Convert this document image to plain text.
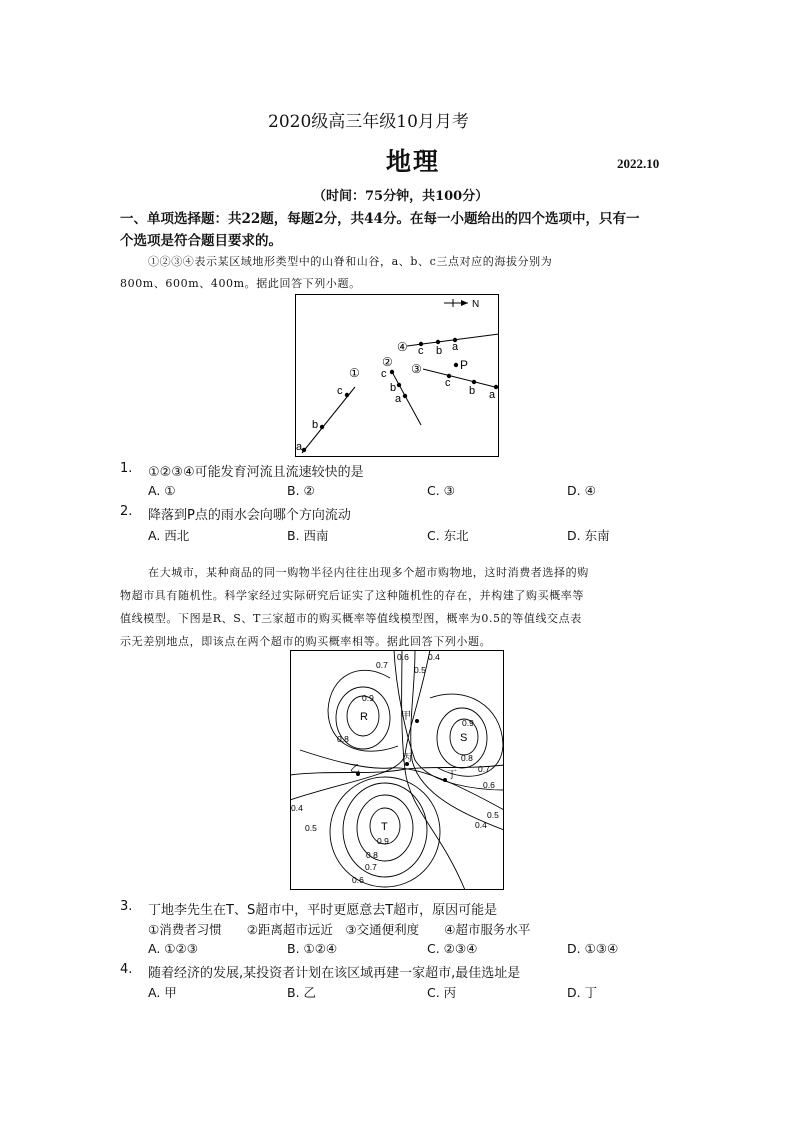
2020级高三年级10月月考
地理	2022.10
（时间：75分钟，共100分）
一、单项选择题：共22题，每题2分，共44分。在每一小题给出的四个选项中，只有一
个选项是符合题目要求的。
①②③④表示某区域地形类型中的山脊和山谷，a、b、c三点对应的海拔分别为
800m、600m、400m。据此回答下列小题。
N
a
b
c
① c
b
a
②
c
b a
③	P
c b a
④
1. ①②③④可能发育河流且流速较快的是
A. ①	B. ②	C. ③	D. ④
2. 降落到P点的雨水会向哪个方向流动
A. 西北	B. 西南	C. 东北	D. 东南
在大城市，某种商品的同一购物半径内往往出现多个超市购物地，这时消费者选择的购
物超市具有随机性。科学家经过实际研究后证实了这种随机性的存在，并构建了购买概率等
值线模型。下图是R、S、T三家超市的购买概率等值线模型图，概率为0.5的等值线交点表
示无差别地点，即该点在两个超市的购买概率相等。据此回答下列小题。
0.7
0.6
0.5
0.4
0.9
0.8
0.9
0.8
0.7
0.6
0.5
0.4
0.4
0.5
0.9
0.8
0.7
0.6
R
S
T
甲
乙
丙
丁
3. 丁地李先生在T、S超市中，平时更愿意去T超市，原因可能是
①消费者习惯　　②距离超市远近　③交通便利度　　④超市服务水平
A. ①②③	B. ①②④	C. ②③④	D. ①③④
4. 随着经济的发展,某投资者计划在该区域再建一家超市,最佳选址是
A. 甲	B. 乙	C. 丙	D. 丁
